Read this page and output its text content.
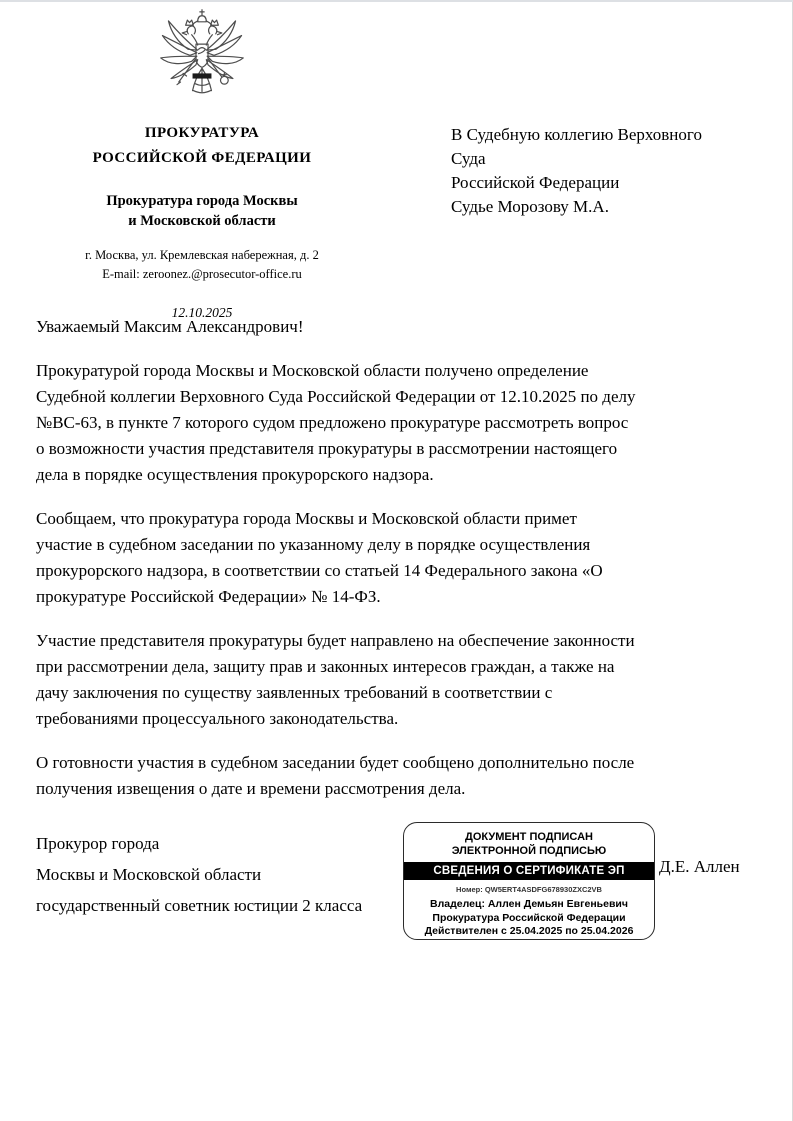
ПРОКУРАТУРА
РОССИЙСКОЙ ФЕДЕРАЦИИ
Прокуратура города Москвы
и Московской области
г. Москва, ул. Кремлевская набережная, д. 2
E-mail: zeroonez.@prosecutor-office.ru
12.10.2025
В Судебную коллегию Верховного
Суда
Российской Федерации
Судье Морозову М.А.

Уважаемый Максим Александрович!

Прокуратурой города Москвы и Московской области получено определение
Судебной коллегии Верховного Суда Российской Федерации от 12.10.2025 по делу
№ВС-63, в пункте 7 которого судом предложено прокуратуре рассмотреть вопрос
о возможности участия представителя прокуратуры в рассмотрении настоящего
дела в порядке осуществления прокурорского надзора.

Сообщаем, что прокуратура города Москвы и Московской области примет
участие в судебном заседании по указанному делу в порядке осуществления
прокурорского надзора, в соответствии со статьей 14 Федерального закона «О
прокуратуре Российской Федерации» № 14-ФЗ.

Участие представителя прокуратуры будет направлено на обеспечение законности
при рассмотрении дела, защиту прав и законных интересов граждан, а также на
дачу заключения по существу заявленных требований в соответствии с
требованиями процессуального законодательства.

О готовности участия в судебном заседании будет сообщено дополнительно после
получения извещения о дате и времени рассмотрения дела.

Прокурор города
Москвы и Московской области
государственный советник юстиции 2 класса
ДОКУМЕНТ ПОДПИСАН
ЭЛЕКТРОННОЙ ПОДПИСЬЮ
СВЕДЕНИЯ О СЕРТИФИКАТЕ ЭП
Номер: QW5ERT4ASDFG678930ZXC2VB
Владелец: Аллен Демьян Евгеньевич
Прокуратура Российской Федерации
Действителен с 25.04.2025 по 25.04.2026
Д.Е. Аллен
